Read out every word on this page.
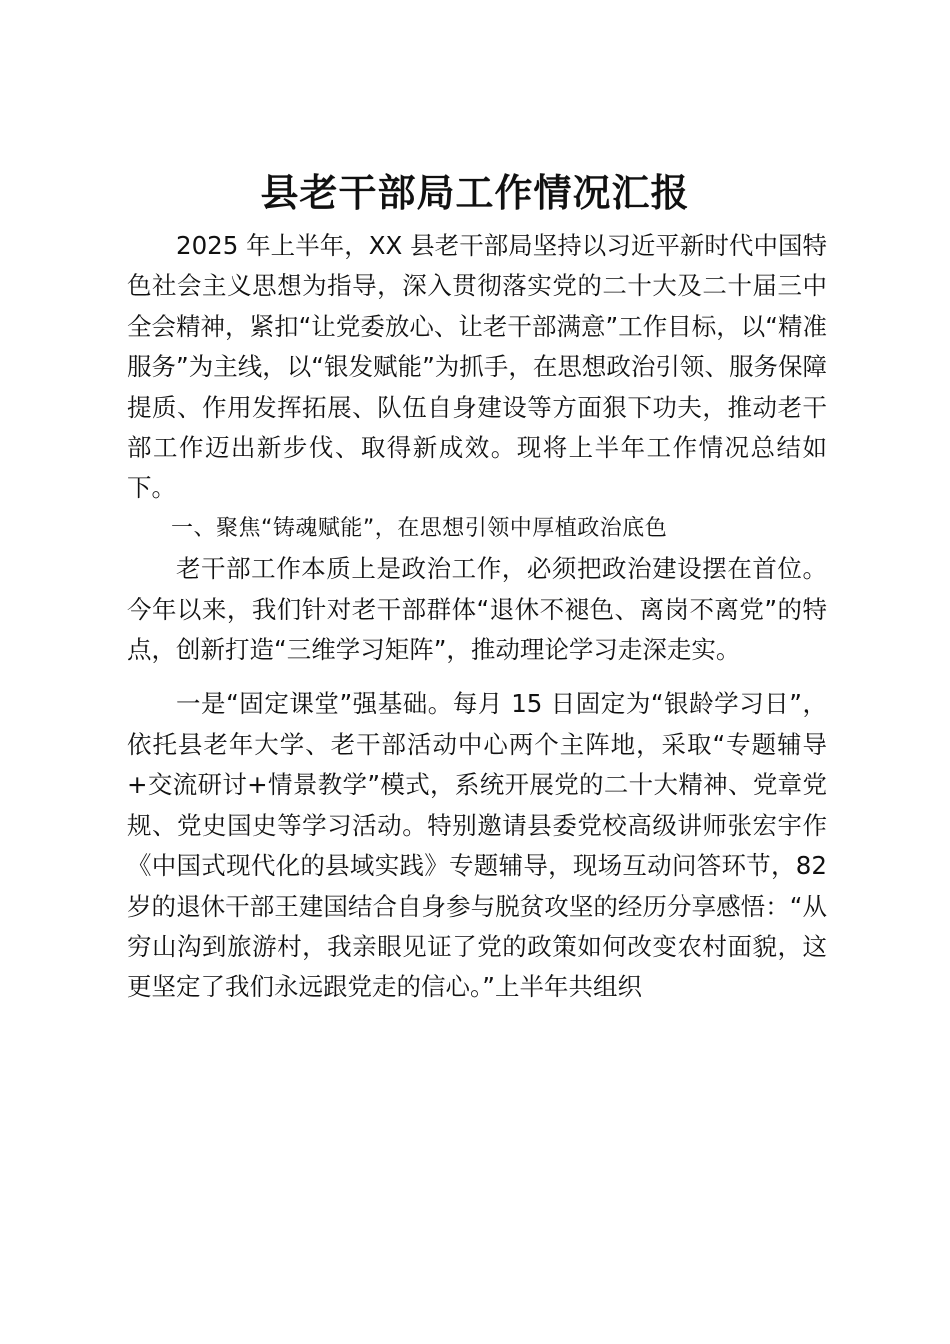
县老干部局工作情况汇报

2025 年上半年，XX 县老干部局坚持以习近平新时代中国特色社会主义思想为指导，深入贯彻落实党的二十大及二十届三中全会精神，紧扣“让党委放心、让老干部满意”工作目标，以“精准服务”为主线，以“银发赋能”为抓手，在思想政治引领、服务保障提质、作用发挥拓展、队伍自身建设等方面狠下功夫，推动老干部工作迈出新步伐、取得新成效。现将上半年工作情况总结如下。

一、聚焦“铸魂赋能”，在思想引领中厚植政治底色

老干部工作本质上是政治工作，必须把政治建设摆在首位。今年以来，我们针对老干部群体“退休不褪色、离岗不离党”的特点，创新打造“三维学习矩阵”，推动理论学习走深走实。

一是“固定课堂”强基础。每月 15 日固定为“银龄学习日”，依托县老年大学、老干部活动中心两个主阵地，采取“专题辅导+交流研讨+情景教学”模式，系统开展党的二十大精神、党章党规、党史国史等学习活动。特别邀请县委党校高级讲师张宏宇作《中国式现代化的县域实践》专题辅导，现场互动问答环节，82 岁的退休干部王建国结合自身参与脱贫攻坚的经历分享感悟：“从穷山沟到旅游村，我亲眼见证了党的政策如何改变农村面貌，这更坚定了我们永远跟党走的信心。”上半年共组织
